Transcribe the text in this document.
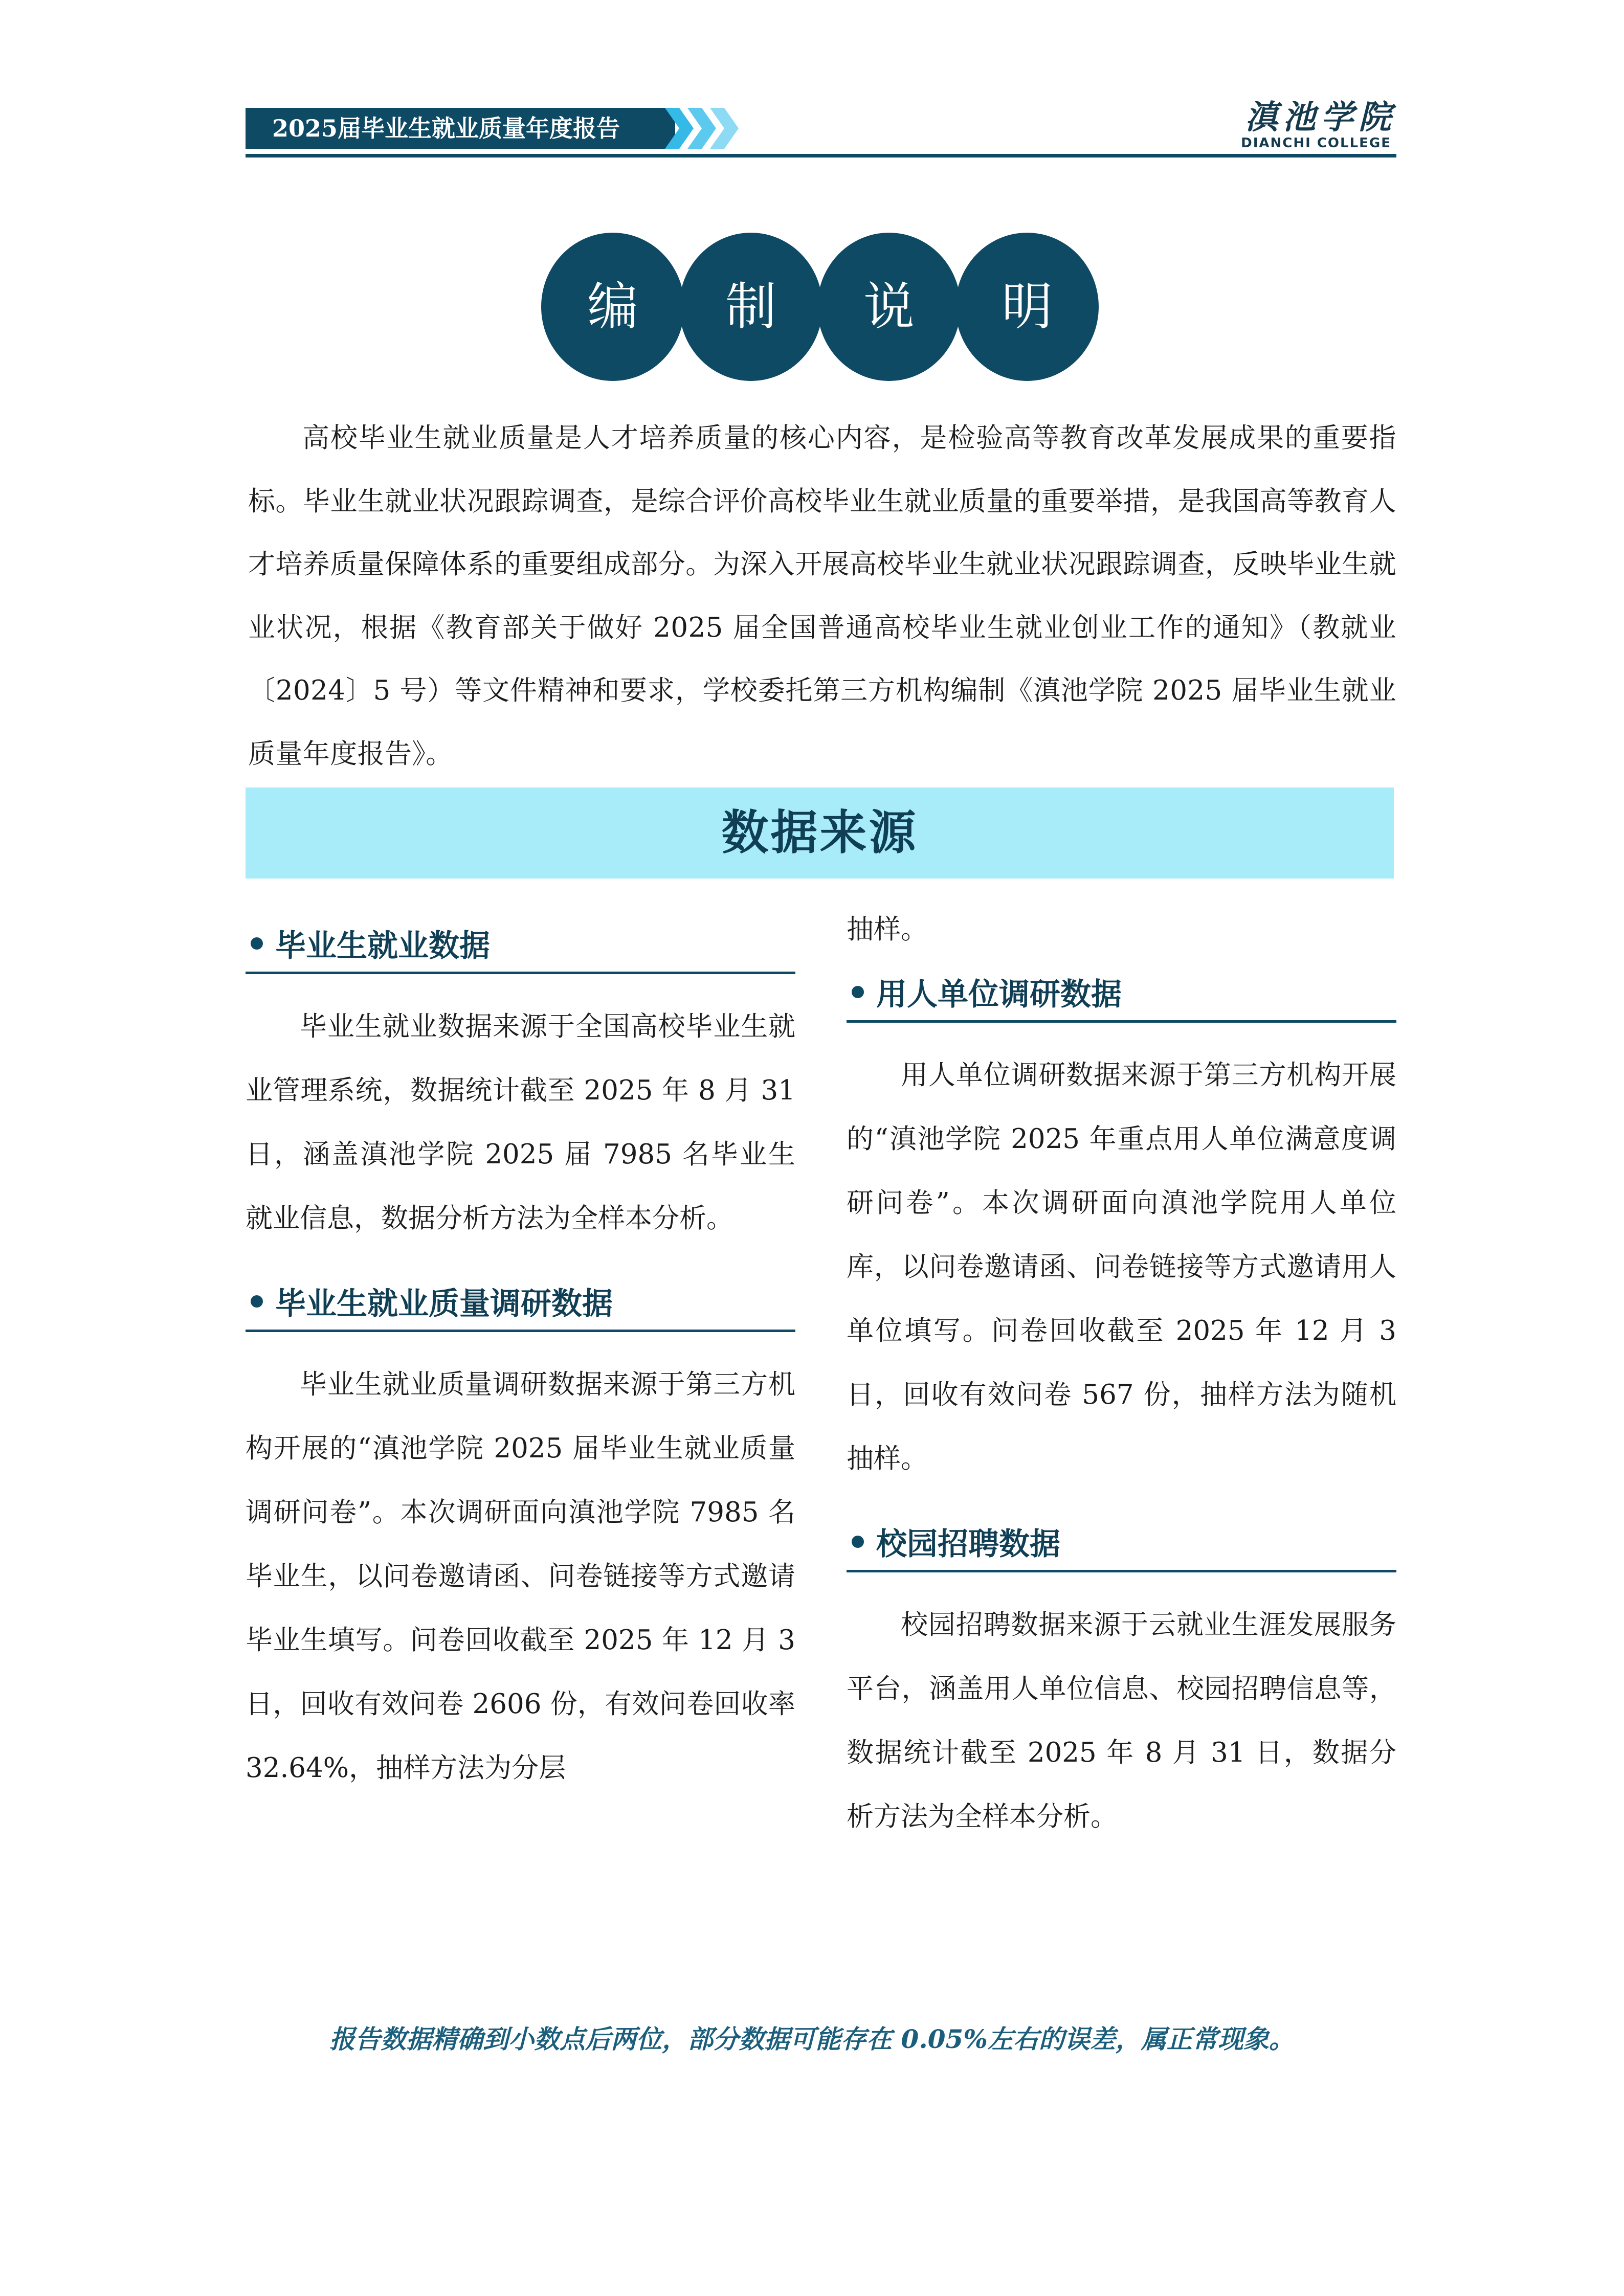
2025届毕业生就业质量年度报告	滇池学院
DIANCHI COLLEGE
编	制	说	明

高校毕业生就业质量是人才培养质量的核心内容，是检验高等教育改革发展成果的重要指标。毕业生就业状况跟踪调查，是综合评价高校毕业生就业质量的重要举措，是我国高等教育人才培养质量保障体系的重要组成部分。为深入开展高校毕业生就业状况跟踪调查，反映毕业生就业状况，根据《教育部关于做好 2025 届全国普通高校毕业生就业创业工作的通知》（教就业〔2024〕5 号）等文件精神和要求，学校委托第三方机构编制《滇池学院 2025 届毕业生就业质量年度报告》。

数据来源
毕业生就业数据

毕业生就业数据来源于全国高校毕业生就业管理系统，数据统计截至 2025 年 8 月 31 日，涵盖滇池学院 2025 届 7985 名毕业生就业信息，数据分析方法为全样本分析。

毕业生就业质量调研数据

毕业生就业质量调研数据来源于第三方机构开展的“滇池学院 2025 届毕业生就业质量调研问卷”。本次调研面向滇池学院 7985 名毕业生，以问卷邀请函、问卷链接等方式邀请毕业生填写。问卷回收截至 2025 年 12 月 3 日，回收有效问卷 2606 份，有效问卷回收率 32.64%，抽样方法为分层

抽样。

用人单位调研数据

用人单位调研数据来源于第三方机构开展的“滇池学院 2025 年重点用人单位满意度调研问卷”。本次调研面向滇池学院用人单位库，以问卷邀请函、问卷链接等方式邀请用人单位填写。问卷回收截至 2025 年 12 月 3 日，回收有效问卷 567 份，抽样方法为随机抽样。

校园招聘数据

校园招聘数据来源于云就业生涯发展服务平台，涵盖用人单位信息、校园招聘信息等，数据统计截至 2025 年 8 月 31 日，数据分析方法为全样本分析。

报告数据精确到小数点后两位，部分数据可能存在 0.05%左右的误差，属正常现象。
